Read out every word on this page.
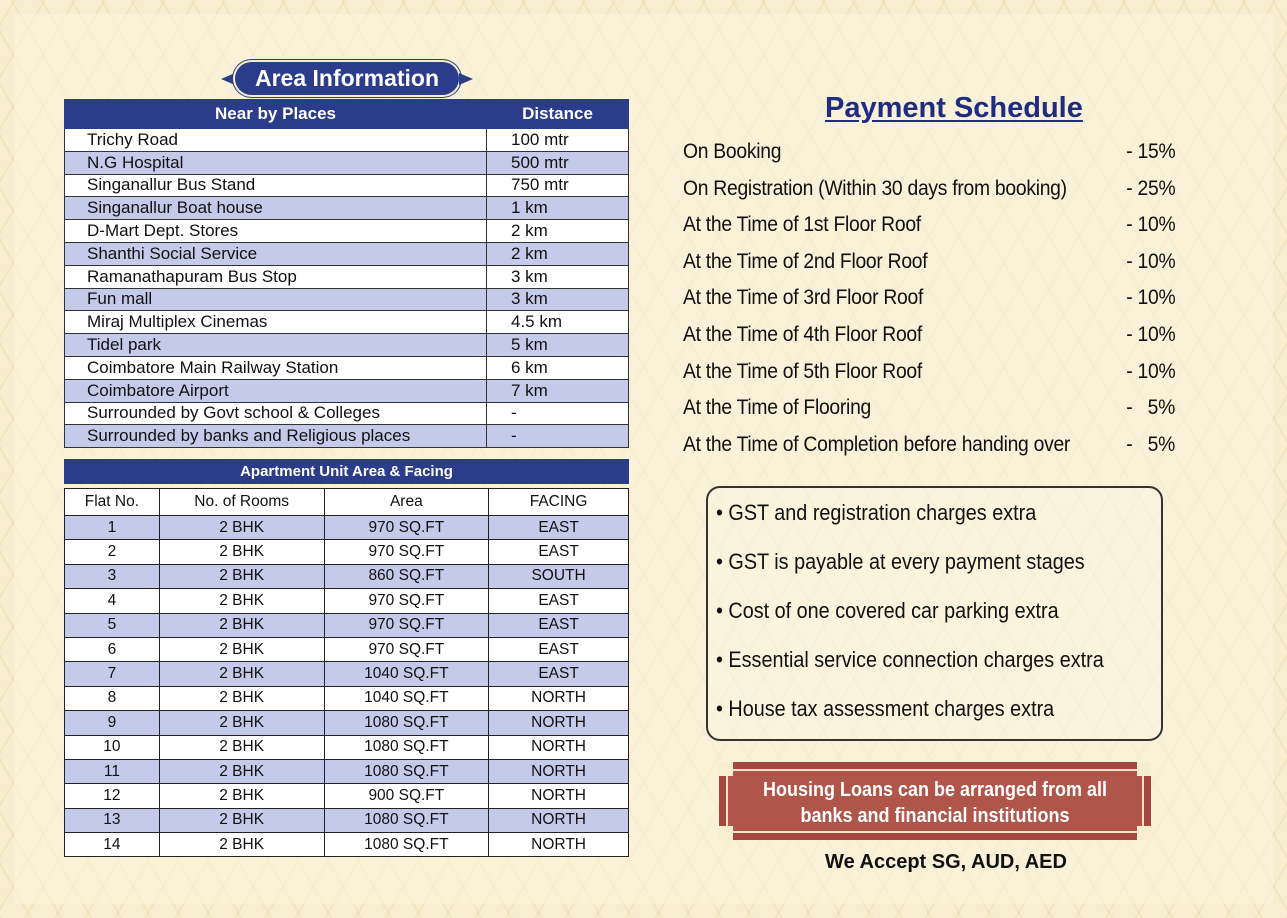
Area Information
Near by Places	Distance
Trichy Road	100 mtr
N.G Hospital	500 mtr
Singanallur Bus Stand	750 mtr
Singanallur Boat house	1 km
D-Mart Dept. Stores	2 km
Shanthi Social Service	2 km
Ramanathapuram Bus Stop	3 km
Fun mall	3 km
Miraj Multiplex Cinemas	4.5 km
Tidel park	5 km
Coimbatore Main Railway Station	6 km
Coimbatore Airport	7 km
Surrounded by Govt school & Colleges	-
Surrounded by banks and Religious places	-
Apartment Unit Area & Facing
Flat No.	No. of Rooms	Area	FACING
1	2 BHK	970 SQ.FT	EAST
2	2 BHK	970 SQ.FT	EAST
3	2 BHK	860 SQ.FT	SOUTH
4	2 BHK	970 SQ.FT	EAST
5	2 BHK	970 SQ.FT	EAST
6	2 BHK	970 SQ.FT	EAST
7	2 BHK	1040 SQ.FT	EAST
8	2 BHK	1040 SQ.FT	NORTH
9	2 BHK	1080 SQ.FT	NORTH
10	2 BHK	1080 SQ.FT	NORTH
11	2 BHK	1080 SQ.FT	NORTH
12	2 BHK	900 SQ.FT	NORTH
13	2 BHK	1080 SQ.FT	NORTH
14	2 BHK	1080 SQ.FT	NORTH
Payment Schedule
On Booking	- 15%
On Registration (Within 30 days from booking)	- 25%
At the Time of 1st Floor Roof	- 10%
At the Time of 2nd Floor Roof	- 10%
At the Time of 3rd Floor Roof	- 10%
At the Time of 4th Floor Roof	- 10%
At the Time of 5th Floor Roof	- 10%
At the Time of Flooring	-   5%
At the Time of Completion before handing over	-   5%
• GST and registration charges extra
• GST is payable at every payment stages
• Cost of one covered car parking extra
• Essential service connection charges extra
• House tax assessment charges extra
Housing Loans can be arranged from all
banks and financial institutions
We Accept SG, AUD, AED
